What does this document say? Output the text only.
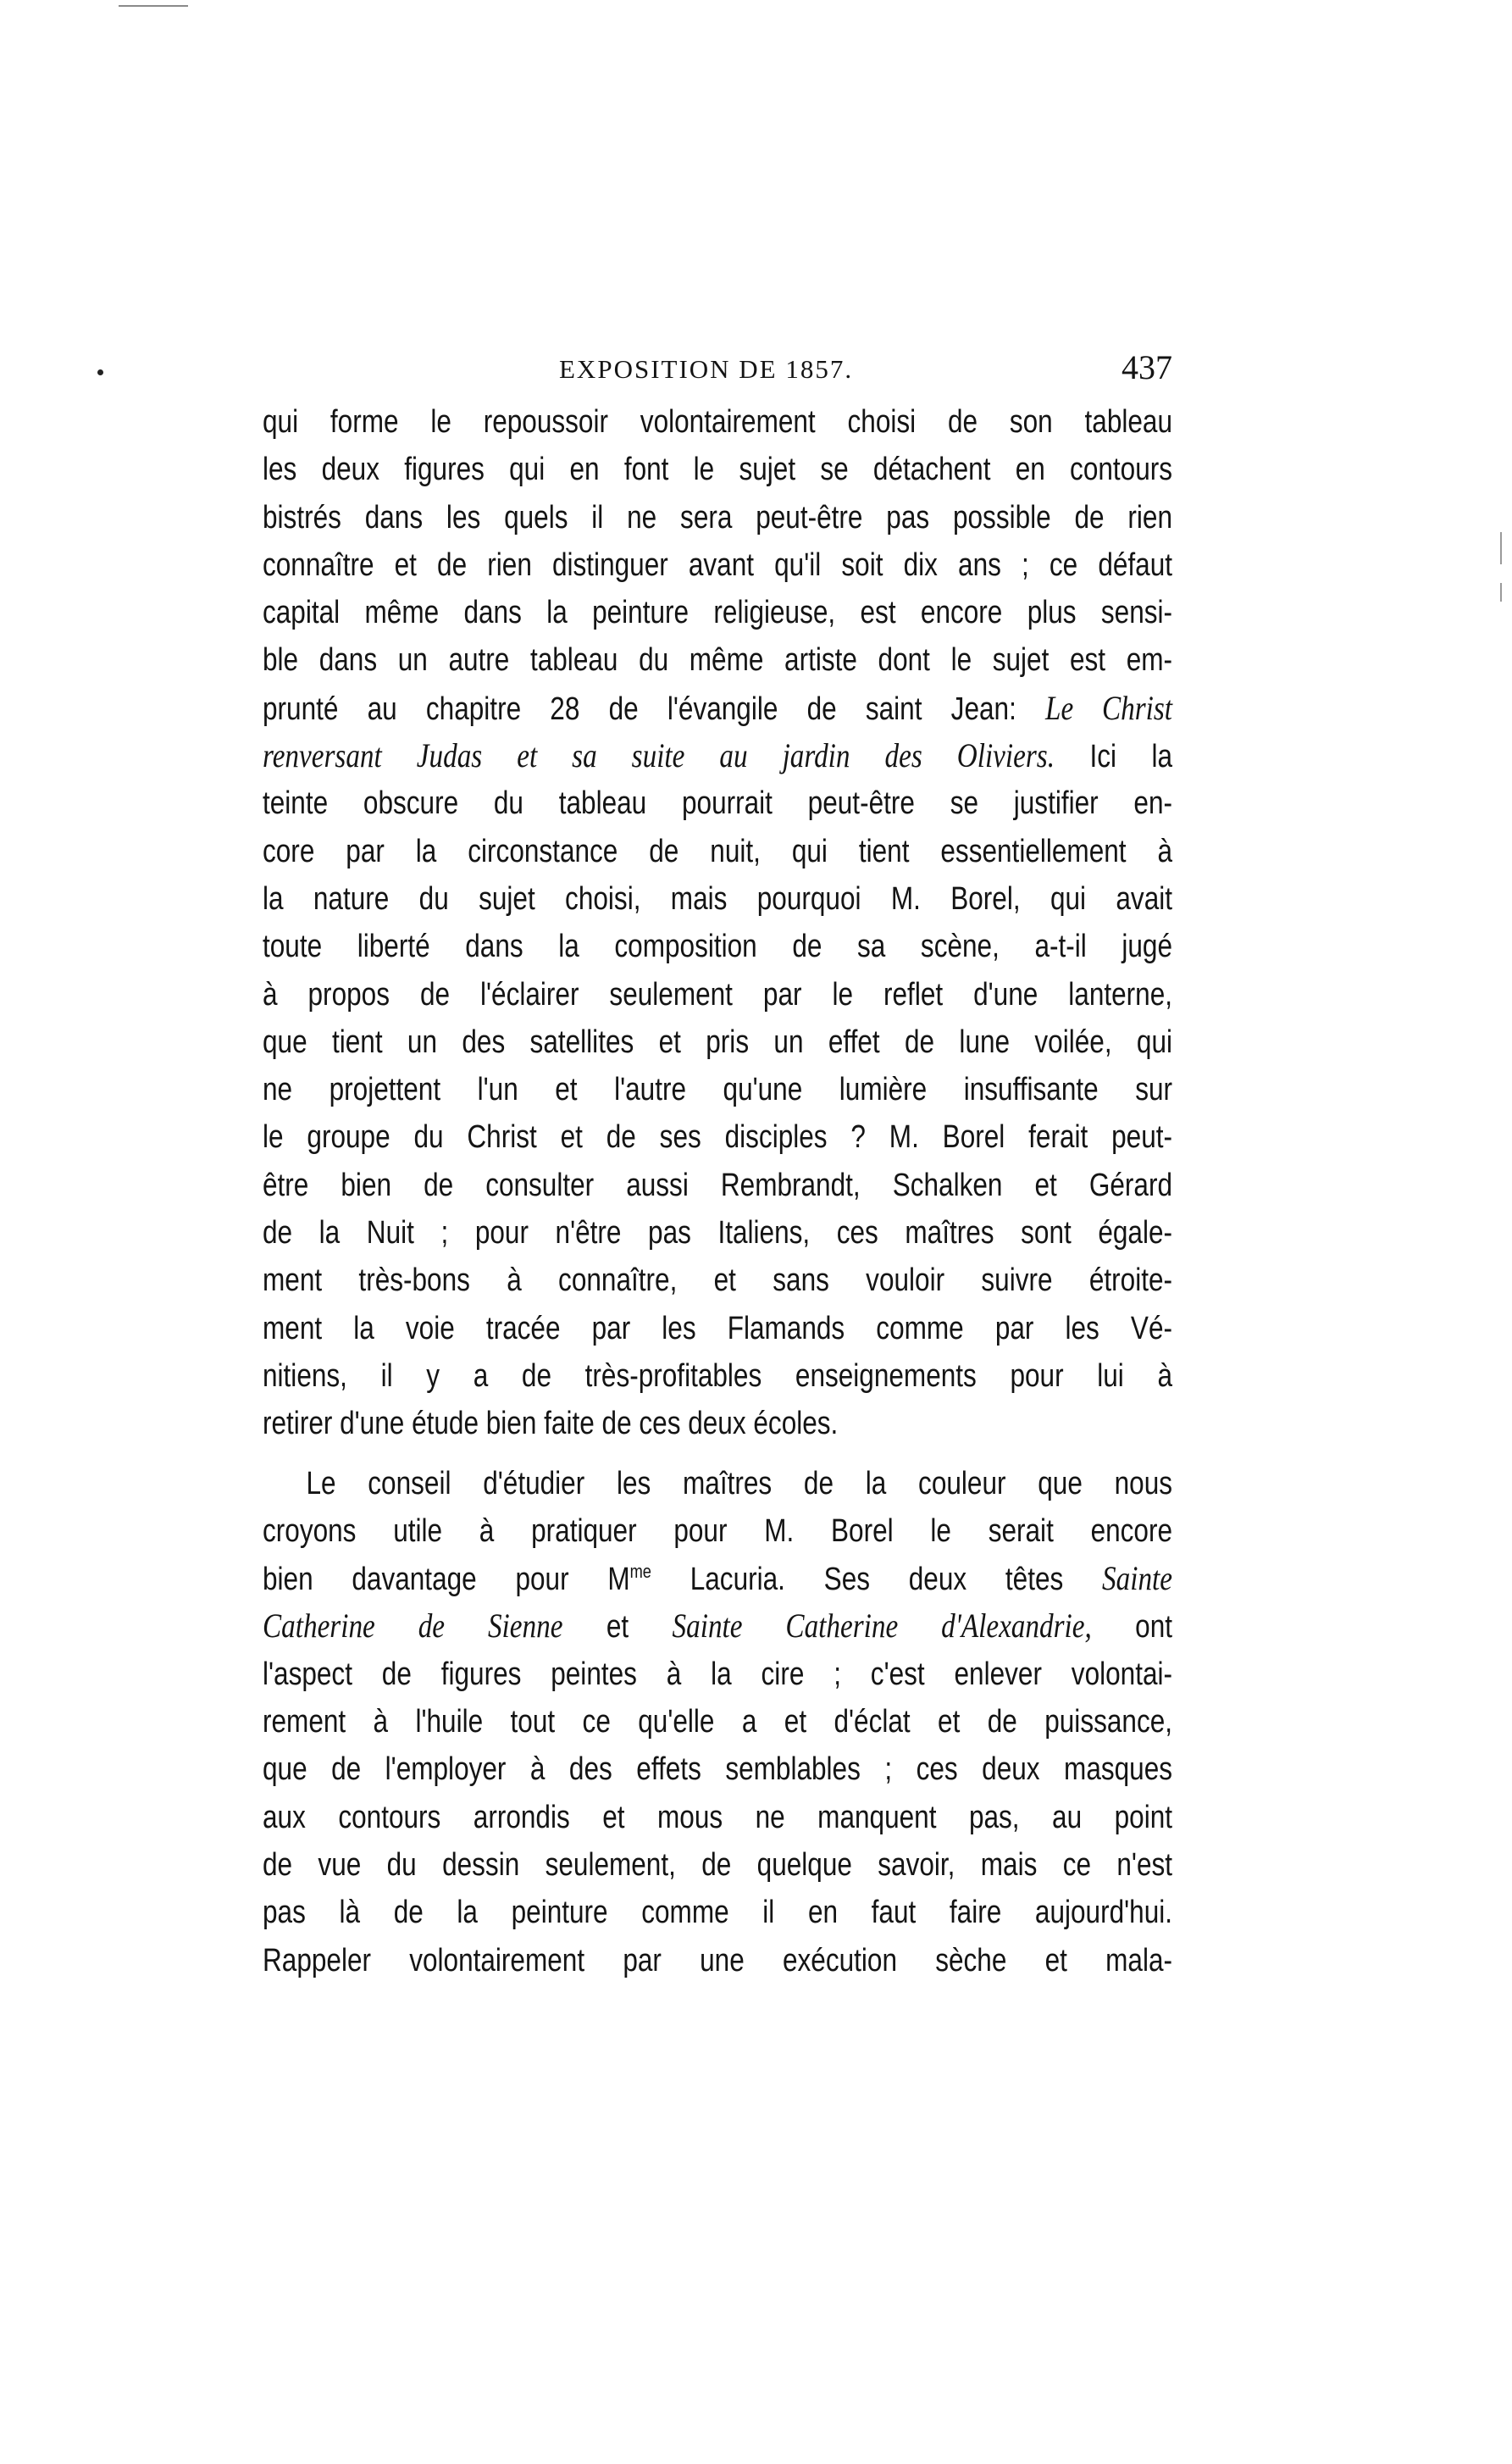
EXPOSITION DE 1857.	437
qui forme le repoussoir volontairement choisi de son tableau
les deux figures qui en font le sujet se détachent en contours
bistrés dans les quels il ne sera peut-être pas possible de rien
connaître et de rien distinguer avant qu'il soit dix ans ; ce défaut
capital même dans la peinture religieuse, est encore plus sensi-
ble dans un autre tableau du même artiste dont le sujet est em-
prunté au chapitre 28 de l'évangile de saint Jean: Le Christ
renversant Judas et sa suite au jardin des Oliviers. Ici la
teinte obscure du tableau pourrait peut-être se justifier en-
core par la circonstance de nuit, qui tient essentiellement à
la nature du sujet choisi, mais pourquoi M. Borel, qui avait
toute liberté dans la composition de sa scène, a-t-il jugé
à propos de l'éclairer seulement par le reflet d'une lanterne,
que tient un des satellites et pris un effet de lune voilée, qui
ne projettent l'un et l'autre qu'une lumière insuffisante sur
le groupe du Christ et de ses disciples ? M. Borel ferait peut-
être bien de consulter aussi Rembrandt, Schalken et Gérard
de la Nuit ; pour n'être pas Italiens, ces maîtres sont égale-
ment très-bons à connaître, et sans vouloir suivre étroite-
ment la voie tracée par les Flamands comme par les Vé-
nitiens, il y a de très-profitables enseignements pour lui à
retirer d'une étude bien faite de ces deux écoles.
Le conseil d'étudier les maîtres de la couleur que nous
croyons utile à pratiquer pour M. Borel le serait encore
bien davantage pour $M^{me}$ Lacuria. Ses deux têtes Sainte
Catherine de Sienne et Sainte Catherine d'Alexandrie, ont
l'aspect de figures peintes à la cire ; c'est enlever volontai-
rement à l'huile tout ce qu'elle a et d'éclat et de puissance,
que de l'employer à des effets semblables ; ces deux masques
aux contours arrondis et mous ne manquent pas, au point
de vue du dessin seulement, de quelque savoir, mais ce n'est
pas là de la peinture comme il en faut faire aujourd'hui.
Rappeler volontairement par une exécution sèche et mala-
